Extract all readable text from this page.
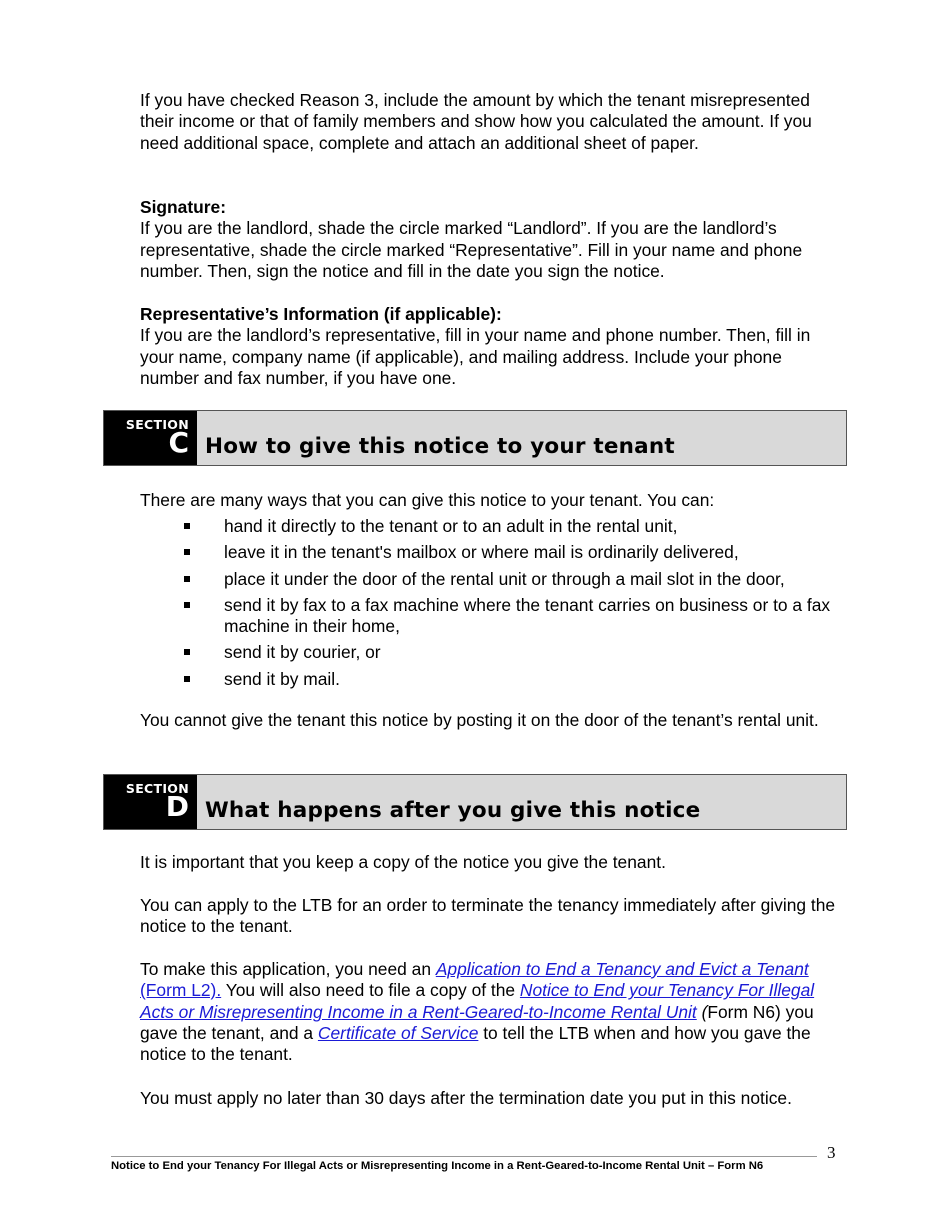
If you have checked Reason 3, include the amount by which the tenant misrepresented their income or that of family members and show how you calculated the amount. If you need additional space, complete and attach an additional sheet of paper.

Signature:
If you are the landlord, shade the circle marked “Landlord”. If you are the landlord’s representative, shade the circle marked “Representative”. Fill in your name and phone number. Then, sign the notice and fill in the date you sign the notice.
Representative’s Information (if applicable):
If you are the landlord’s representative, fill in your name and phone number. Then, fill in your name, company name (if applicable), and mailing address. Include your phone number and fax number, if you have one.
SECTION
C How to give this notice to your tenant

There are many ways that you can give this notice to your tenant. You can:

hand it directly to the tenant or to an adult in the rental unit,
leave it in the tenant's mailbox or where mail is ordinarily delivered,
place it under the door of the rental unit or through a mail slot in the door,
send it by fax to a fax machine where the tenant carries on business or to a fax machine in their home,
send it by courier, or
send it by mail.

You cannot give the tenant this notice by posting it on the door of the tenant’s rental unit.

SECTION
D What happens after you give this notice

It is important that you keep a copy of the notice you give the tenant.

You can apply to the LTB for an order to terminate the tenancy immediately after giving the notice to the tenant.

To make this application, you need an Application to End a Tenancy and Evict a Tenant (Form L2). You will also need to file a copy of the Notice to End your Tenancy For Illegal Acts or Misrepresenting Income in a Rent-Geared-to-Income Rental Unit (Form N6) you gave the tenant, and a Certificate of Service to tell the LTB when and how you gave the notice to the tenant.

You must apply no later than 30 days after the termination date you put in this notice.

Notice to End your Tenancy For Illegal Acts or Misrepresenting Income in a Rent-Geared-to-Income Rental Unit – Form N6
3
